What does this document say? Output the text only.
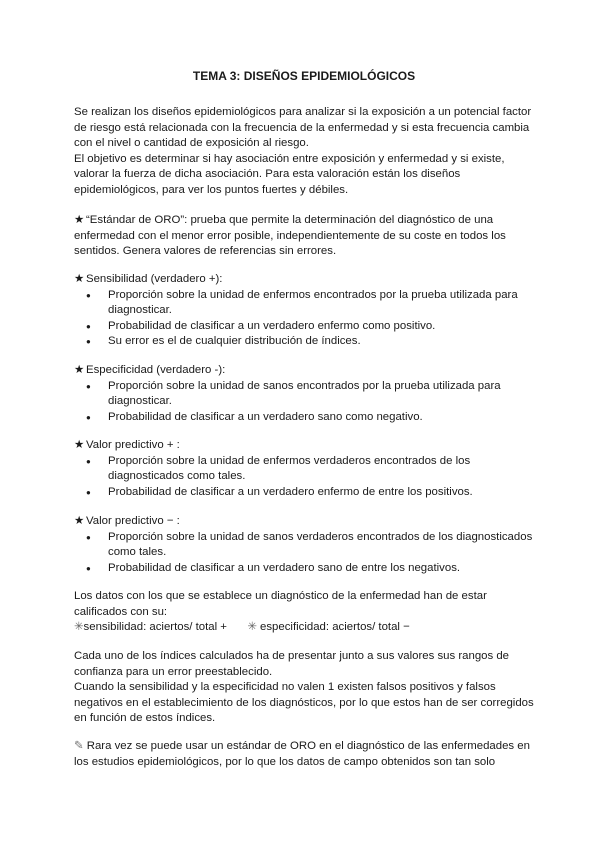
TEMA 3: DISEÑOS EPIDEMIOLÓGICOS

Se realizan los diseños epidemiológicos para analizar si la exposición a un potencial factor de riesgo está relacionada con la frecuencia de la enfermedad y si esta frecuencia cambia con el nivel o cantidad de exposición al riesgo.

El objetivo es determinar si hay asociación entre exposición y enfermedad y si existe, valorar la fuerza de dicha asociación. Para esta valoración están los diseños epidemiológicos, para ver los puntos fuertes y débiles.

★ “Estándar de ORO”: prueba que permite la determinación del diagnóstico de una enfermedad con el menor error posible, independientemente de su coste en todos los sentidos. Genera valores de referencias sin errores.

★ Sensibilidad (verdadero +):

● Proporción sobre la unidad de enfermos encontrados por la prueba utilizada para diagnosticar.
● Probabilidad de clasificar a un verdadero enfermo como positivo.
● Su error es el de cualquier distribución de índices.

★ Especificidad (verdadero -):

● Proporción sobre la unidad de sanos encontrados por la prueba utilizada para diagnosticar.
● Probabilidad de clasificar a un verdadero sano como negativo.

★ Valor predictivo + :

● Proporción sobre la unidad de enfermos verdaderos encontrados de los diagnosticados como tales.
● Probabilidad de clasificar a un verdadero enfermo de entre los positivos.

★ Valor predictivo − :

● Proporción sobre la unidad de sanos verdaderos encontrados de los diagnosticados como tales.
● Probabilidad de clasificar a un verdadero sano de entre los negativos.

Los datos con los que se establece un diagnóstico de la enfermedad han de estar calificados con su:

✳sensibilidad: aciertos/ total + ✳ especificidad: aciertos/ total −

Cada uno de los índices calculados ha de presentar junto a sus valores sus rangos de confianza para un error preestablecido.

Cuando la sensibilidad y la especificidad no valen 1 existen falsos positivos y falsos negativos en el establecimiento de los diagnósticos, por lo que estos han de ser corregidos en función de estos índices.

✎ Rara vez se puede usar un estándar de ORO en el diagnóstico de las enfermedades en los estudios epidemiológicos, por lo que los datos de campo obtenidos son tan solo
